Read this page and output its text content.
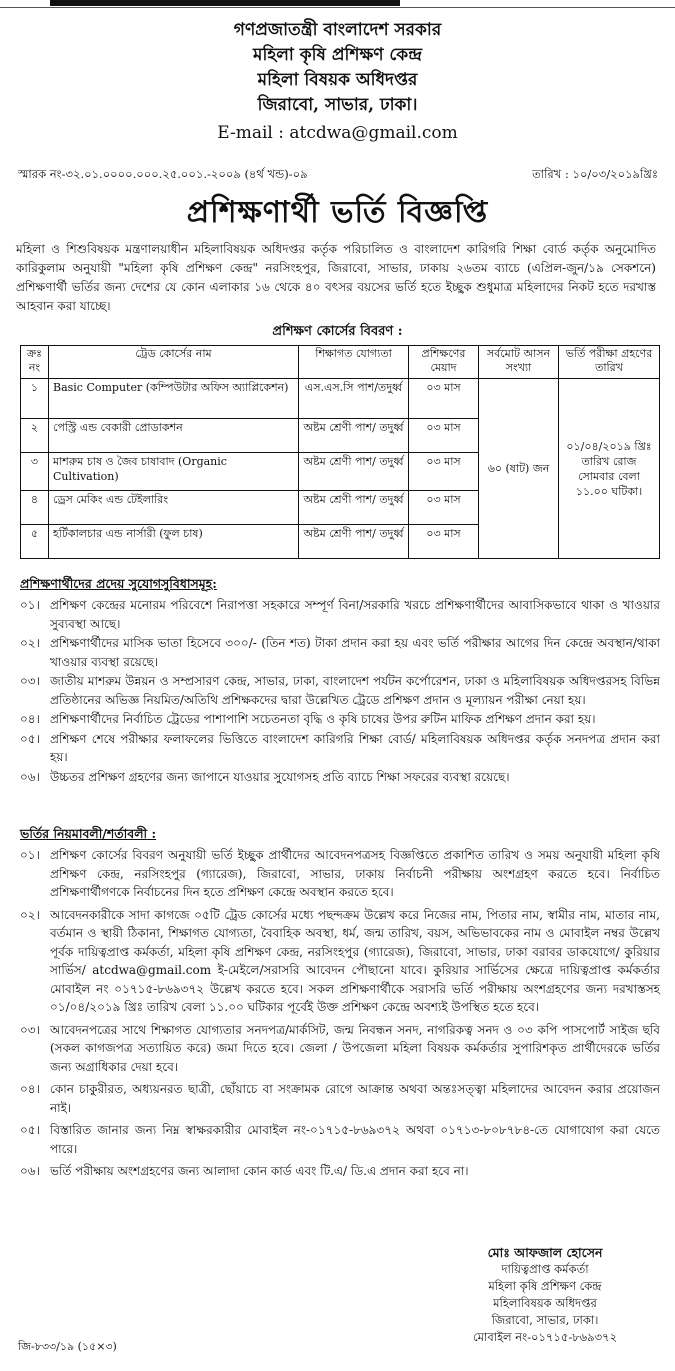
গণপ্রজাতন্ত্রী বাংলাদেশ সরকার
মহিলা কৃষি প্রশিক্ষণ কেন্দ্র
মহিলা বিষয়ক অধিদপ্তর
জিরাবো, সাভার, ঢাকা।
E-mail : atcdwa@gmail.com
স্মারক নং-৩২.০১.০০০০.০০০.২৫.০০১.-২০০৯ (৪র্থ খন্ড)-০৯	তারিখ : ১০/০৩/২০১৯খ্রিঃ
প্রশিক্ষণার্থী ভর্তি বিজ্ঞপ্তি
মহিলা ও শিশুবিষয়ক মন্ত্রণালয়াধীন মহিলাবিষয়ক অধিদপ্তর কর্তৃক পরিচালিত ও বাংলাদেশ কারিগরি শিক্ষা বোর্ড কর্তৃক অনুমোদিত কারিকুলাম অনুযায়ী "মহিলা কৃষি প্রশিক্ষণ কেন্দ্র" নরসিংহপুর, জিরাবো, সাভার, ঢাকায় ২৬তম ব্যাচে (এপ্রিল-জুন/১৯ সেকশনে) প্রশিক্ষণার্থী ভর্তির জন্য দেশের যে কোন এলাকার ১৬ থেকে ৪০ বৎসর বয়সের ভর্তি হতে ইচ্ছুক শুধুমাত্র মহিলাদের নিকট হতে দরখাস্ত আহবান করা যাচ্ছে।
প্রশিক্ষণ কোর্সের বিবরণ :
ক্রঃ নং	ট্রেড কোর্সের নাম	শিক্ষাগত যোগ্যতা	প্রশিক্ষণের মেয়াদ	সর্বমোট আসন সংখ্যা	ভর্তি পরীক্ষা গ্রহণের তারিখ
১	Basic Computer (কম্পিউটার অফিস অ্যাপ্লিকেশন)	এস.এস.সি পাশ/তদুর্ধ্ব	০৩ মাস	৬০ (ষাট) জন	০১/০৪/২০১৯ খ্রিঃ তারিখ রোজ সোমবার বেলা ১১.০০ ঘটিকা।
২	পেস্ট্রি এন্ড বেকারী প্রোডাকশন	অষ্টম শ্রেণী পাশ/ তদুর্ধ্ব	০৩ মাস		
৩	মাশরুম চাষ ও জৈব চাষাবাদ (Organic Cultivation)	অষ্টম শ্রেণী পাশ/ তদুর্ধ্ব	০৩ মাস		
৪	ড্রেস মেকিং এন্ড টেইলারিং	অষ্টম শ্রেণী পাশ/ তদুর্ধ্ব	০৩ মাস		
৫	হর্টিকালচার এন্ড নার্সারী (ফুল চাষ)	অষ্টম শ্রেণী পাশ/ তদুর্ধ্ব	০৩ মাস		
প্রশিক্ষণার্থীদের প্রদেয় সুযোগসুবিধাসমূহ:
০১। প্রশিক্ষণ কেন্দ্রের মনোরম পরিবেশে নিরাপত্তা সহকারে সম্পূর্ণ বিনা/সরকারি খরচে প্রশিক্ষণার্থীদের আবাসিকভাবে থাকা ও খাওয়ার সুব্যবস্থা আছে।
০২। প্রশিক্ষণার্থীদের মাসিক ভাতা হিসেবে ৩০০/- (তিন শত) টাকা প্রদান করা হয় এবং ভর্তি পরীক্ষার আগের দিন কেন্দ্রে অবস্থান/থাকা খাওয়ার ব্যবস্থা রয়েছে।
০৩। জাতীয় মাশরুম উন্নয়ন ও সম্প্রসারণ কেন্দ্র, সাভার, ঢাকা, বাংলাদেশ পর্যটন কর্পোরেশন, ঢাকা ও মহিলাবিষয়ক অধিদপ্তরসহ বিভিন্ন প্রতিষ্ঠানের অভিজ্ঞ নিয়মিত/অতিথি প্রশিক্ষকদের দ্বারা উল্লেখিত ট্রেডে প্রশিক্ষণ প্রদান ও মূল্যায়ন পরীক্ষা নেয়া হয়।
০৪। প্রশিক্ষণার্থীদের নির্বাচিত ট্রেডের পাশাপাশি সচেতনতা বৃদ্ধি ও কৃষি চাষের উপর রুটিন মাফিক প্রশিক্ষণ প্রদান করা হয়।
০৫। প্রশিক্ষণ শেষে পরীক্ষার ফলাফলের ভিত্তিতে বাংলাদেশ কারিগরি শিক্ষা বোর্ড/ মহিলাবিষয়ক অধিদপ্তর কর্তৃক সনদপত্র প্রদান করা হয়।
০৬। উচ্চতর প্রশিক্ষণ গ্রহণের জন্য জাপানে যাওয়ার সুযোগসহ প্রতি ব্যাচে শিক্ষা সফরের ব্যবস্থা রয়েছে।
ভর্তির নিয়মাবলী/শর্তাবলী :
০১। প্রশিক্ষণ কোর্সের বিবরণ অনুযায়ী ভর্তি ইচ্ছুক প্রার্থীদের আবেদনপত্রসহ বিজ্ঞপ্তিতে প্রকাশিত তারিখ ও সময় অনুযায়ী মহিলা কৃষি প্রশিক্ষণ কেন্দ্র, নরসিংহপুর (গ্যারেজ), জিরাবো, সাভার, ঢাকায় নির্বাচনী পরীক্ষায় অংশগ্রহণ করতে হবে। নির্বাচিত প্রশিক্ষণার্থীগণকে নির্বাচনের দিন হতে প্রশিক্ষণ কেন্দ্রে অবস্থান করতে হবে।
০২। আবেদনকারীকে সাদা কাগজে ০৫টি ট্রেড কোর্সের মধ্যে পছন্দক্রম উল্লেখ করে নিজের নাম, পিতার নাম, স্বামীর নাম, মাতার নাম, বর্তমান ও স্থায়ী ঠিকানা, শিক্ষাগত যোগ্যতা, বৈবাহিক অবস্থা, ধর্ম, জন্ম তারিখ, বয়স, অভিভাবকের নাম ও মোবাইল নম্বর উল্লেখ পূর্বক দায়িত্বপ্রাপ্ত কর্মকর্তা, মহিলা কৃষি প্রশিক্ষণ কেন্দ্র, নরসিংহপুর (গ্যারেজ), জিরাবো, সাভার, ঢাকা বরাবর ডাকযোগে/ কুরিয়ার সার্ভিস/ atcdwa@gmail.com ই-মেইলে/সরাসরি আবেদন পৌছানো যাবে। কুরিয়ার সার্ভিসের ক্ষেত্রে দায়িত্বপ্রাপ্ত কর্মকর্তার মোবাইল নং ০১৭১৫-৮৬৯৩৭২ উল্লেখ করতে হবে। সকল প্রশিক্ষণার্থীকে সরাসরি ভর্তি পরীক্ষায় অংশগ্রহণের জন্য দরখাস্তসহ ০১/০৪/২০১৯ খ্রিঃ তারিখ বেলা ১১.০০ ঘটিকার পূর্বেই উক্ত প্রশিক্ষণ কেন্দ্রে অবশ্যই উপস্থিত হতে হবে।
০৩। আবেদনপত্রের সাথে শিক্ষাগত যোগ্যতার সনদপত্র/মার্কসিট, জন্ম নিবন্ধন সনদ, নাগরিকত্ব সনদ ও ০৩ কপি পাসপোর্ট সাইজ ছবি (সকল কাগজপত্র সত্যায়িত করে) জমা দিতে হবে। জেলা / উপজেলা মহিলা বিষয়ক কর্মকর্তার সুপারিশকৃত প্রার্থীদেরকে ভর্তির জন্য অগ্রাধিকার দেয়া হবে।
০৪। কোন চাকুরীরত, অধ্যয়নরত ছাত্রী, ছোঁয়াচে বা সংক্রামক রোগে আক্রান্ত অথবা অন্তঃসত্ত্বা মহিলাদের আবেদন করার প্রয়োজন নাই।
০৫। বিস্তারিত জানার জন্য নিম্ন স্বাক্ষরকারীর মোবাইল নং-০১৭১৫-৮৬৯৩৭২ অথবা ০১৭১৩-৮০৮৭৮৪-তে যোগাযোগ করা যেতে পারে।
০৬। ভর্তি পরীক্ষায় অংশগ্রহণের জন্য আলাদা কোন কার্ড এবং টি.এ/ ডি.এ প্রদান করা হবে না।
মোঃ আফজাল হোসেন
দায়িত্বপ্রাপ্ত কর্মকর্তা
মহিলা কৃষি প্রশিক্ষণ কেন্দ্র
মহিলাবিষয়ক অধিদপ্তর
জিরাবো, সাভার, ঢাকা।
মোবাইল নং-০১৭১৫-৮৬৯৩৭২
জি-৮৩৩/১৯ (১৫×৩)
